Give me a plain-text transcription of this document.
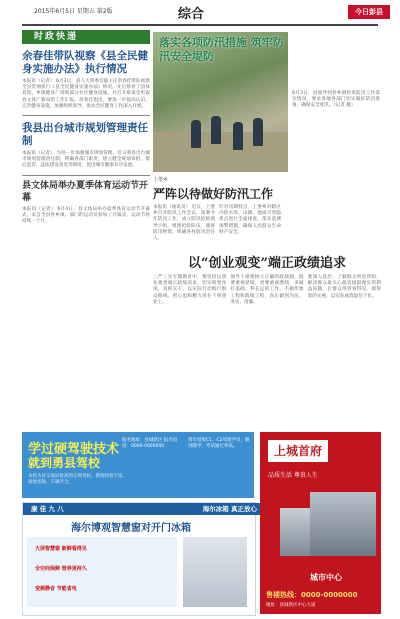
2015年6月5日 星期五 第2版	综合	今日彭县
时政快递
余春佳带队视察《县全民健身实施办法》执行情况
本报讯（记者） 6月3日，县人大常委会副主任余春佳带队视察全县贯彻执行《县全民健身实施办法》情况，先后察看了县体育馆、乡镇健身广场和部分社区健身设施，并召开座谈会听取县文体广新局的工作汇报。余春佳指出，要进一步提高认识，完善健身设施，加强组织领导，推动全民健身工作深入开展。
我县出台城市规划管理责任制
本报讯（记者） 为进一步加强城市规划管理，近日我县出台城市规划管理责任制，明确各部门职责，建立健全规划审批、批后监管、违法建设查处等制度，促进城市健康有序发展。
县文体局举办夏季体育运动节开幕
本报讯（记者） 6月4日，县文体局举办夏季体育运动节开幕式，来自全县各乡镇、部门的运动员参加了开幕式，运动节将持续一个月。
落实各项防汛措施 筑牢防汛安全堤防
6月3日，县领导到各乡镇检查防汛工作落实情况，要求各地各部门切实做好防汛准备，确保安全度汛。（记者 摄）
上堡乡
严阵以待做好防汛工作
本报讯（通讯员） 近日，上堡乡召开防汛工作会议，部署今年防汛工作，成立防汛抢险领导小组，组建抢险队伍，储备防汛物资，明确各村防汛责任人。
针对汛期特点，上堡乡对辖区内的水库、山塘、地质灾害隐患点进行全面排查，落实监测预警措施，确保人民群众生命财产安全。
以“创业观变”端正政绩追求
三严三实专题教育中，要坚持以创业观变端正政绩追求，切实转变作风，真抓实干，以实际行动践行群众路线，把心思和精力用在干事创业上。
领导干部要树立正确的政绩观，既要重视显绩，更要重视潜绩，多做打基础、利长远的工作，不搞形象工程和政绩工程，真正做到为民、务实、清廉。
要深入基层，了解群众所思所盼，解决群众最关心最直接最现实的利益问题，让群众得到看得见、摸得着的实惠，以实际成效取信于民。
学过硬驾驶技术
就到勇县驾校
本校为县交通局批准的正规驾校，教练经验丰富，场地宽敞，车辆齐全。
报名地址：县城新区 报名电话：0000-0000000
常年招收C1、C2驾驶学员，随到随学，考试通过率高。
康 佳 九 八	海尔冰箱 真正放心
海尔博观智慧窗对开门冰箱
大屏智慧窗 新鲜看得见
全空间保鲜 营养更持久
变频静音 节能省电
上城首府
品质生活 尊贵人生
城市中心
售楼热线：0000-0000000
地址：县城新区中心大道
